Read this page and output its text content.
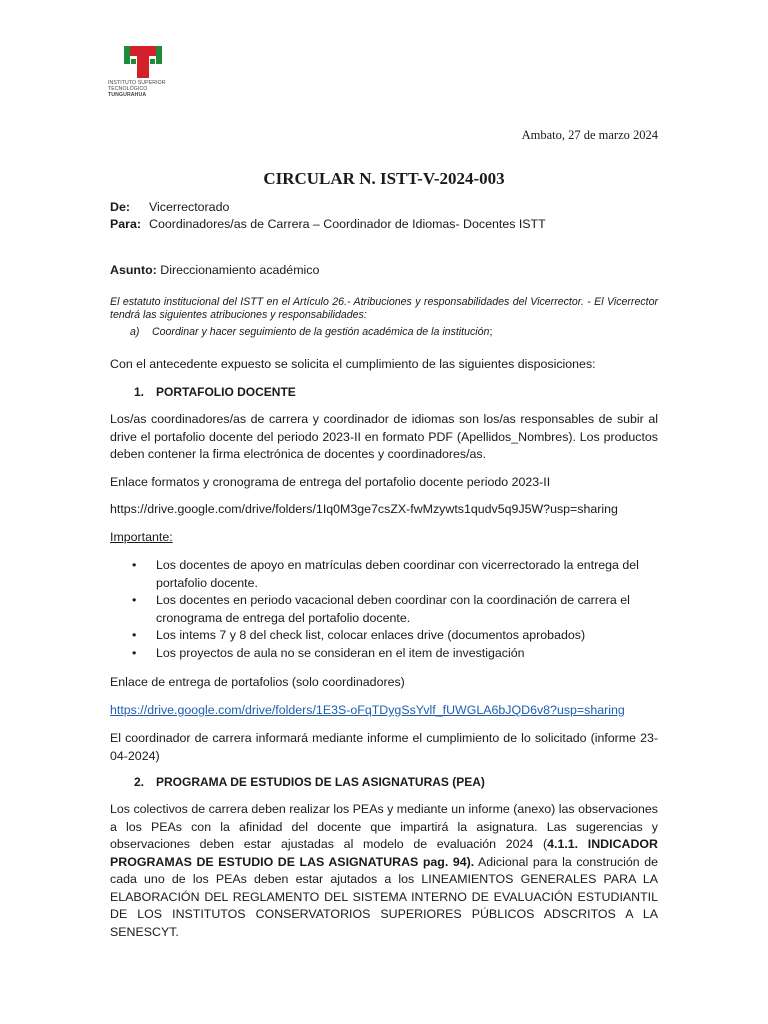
INSTITUTO SUPERIOR
TECNOLÓGICO
TUNGURAHUA
Ambato, 27 de marzo 2024
CIRCULAR N. ISTT-V-2024-003
De: Vicerrectorado
Para: Coordinadores/as de Carrera – Coordinador de Idiomas- Docentes ISTT
Asunto: Direccionamiento académico
El estatuto institucional del ISTT en el Artículo 26.- Atribuciones y responsabilidades del Vicerrector. - El Vicerrector tendrá las siguientes atribuciones y responsabilidades:
a) Coordinar y hacer seguimiento de la gestión académica de la institución;
Con el antecedente expuesto se solicita el cumplimiento de las siguientes disposiciones:
1. PORTAFOLIO DOCENTE
Los/as coordinadores/as de carrera y coordinador de idiomas son los/as responsables de subir al drive el portafolio docente del periodo 2023-II en formato PDF (Apellidos_Nombres). Los productos deben contener la firma electrónica de docentes y coordinadores/as.
Enlace formatos y cronograma de entrega del portafolio docente periodo 2023-II
https://drive.google.com/drive/folders/1Iq0M3ge7csZX-fwMzywts1qudv5q9J5W?usp=sharing
Importante:
• Los docentes de apoyo en matrículas deben coordinar con vicerrectorado la entrega del portafolio docente.
• Los docentes en periodo vacacional deben coordinar con la coordinación de carrera el cronograma de entrega del portafolio docente.
• Los intems 7 y 8 del check list, colocar enlaces drive (documentos aprobados)
• Los proyectos de aula no se consideran en el item de investigación
Enlace de entrega de portafolios (solo coordinadores)
https://drive.google.com/drive/folders/1E3S-oFqTDygSsYvlf_fUWGLA6bJQD6v8?usp=sharing
El coordinador de carrera informará mediante informe el cumplimiento de lo solicitado (informe 23-04-2024)
2. PROGRAMA DE ESTUDIOS DE LAS ASIGNATURAS (PEA)
Los colectivos de carrera deben realizar los PEAs y mediante un informe (anexo) las observaciones a los PEAs con la afinidad del docente que impartirá la asignatura. Las sugerencias y observaciones deben estar ajustadas al modelo de evaluación 2024 (4.1.1. INDICADOR PROGRAMAS DE ESTUDIO DE LAS ASIGNATURAS pag. 94). Adicional para la construción de cada uno de los PEAs deben estar ajutados a los LINEAMIENTOS GENERALES PARA LA ELABORACIÓN DEL REGLAMENTO DEL SISTEMA INTERNO DE EVALUACIÓN ESTUDIANTIL DE LOS INSTITUTOS CONSERVATORIOS SUPERIORES PÚBLICOS ADSCRITOS A LA SENESCYT.
